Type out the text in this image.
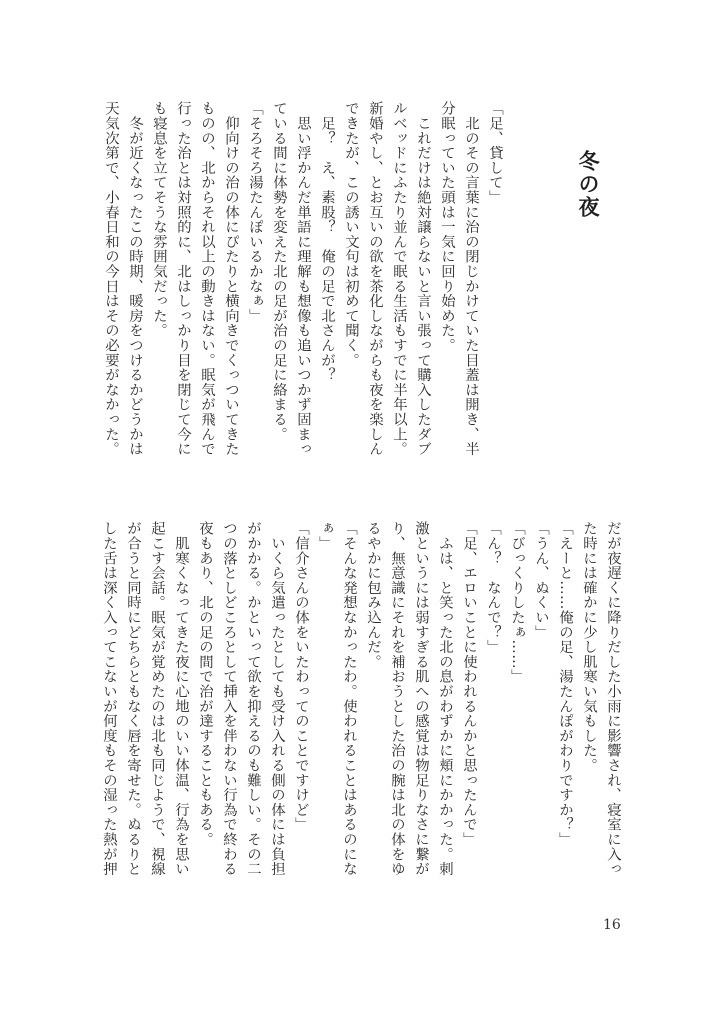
冬の夜
「足、貸して」
　北のその言葉に治の閉じかけていた目蓋は開き、半
分眠っていた頭は一気に回り始めた。
　これだけは絶対譲らないと言い張って購入したダブ
ルベッドにふたり並んで眠る生活もすでに半年以上。
新婚やし、とお互いの欲を茶化しながらも夜を楽しん
できたが、この誘い文句は初めて聞く。
　足？　え、素股？　俺の足で北さんが？
　思い浮かんだ単語に理解も想像も追いつかず固まっ
ている間に体勢を変えた北の足が治の足に絡まる。
「そろそろ湯たんぽいるかなぁ」
　仰向けの治の体にぴたりと横向きでくっついてきた
ものの、北からそれ以上の動きはない。眠気が飛んで
行った治とは対照的に、北はしっかり目を閉じて今に
も寝息を立てそうな雰囲気だった。
　冬が近くなったこの時期、暖房をつけるかどうかは
天気次第で、小春日和の今日はその必要がなかった。
だが夜遅くに降りだした小雨に影響され、寝室に入っ
た時には確かに少し肌寒い気もした。
「えーと……俺の足、湯たんぽがわりですか？」
「うん、ぬくい」
「びっくりしたぁ……」
「ん？　なんで？」
「足、エロいことに使われるんかと思ったんで」
　ふは、と笑った北の息がわずかに頬にかかった。刺
激というには弱すぎる肌への感覚は物足りなさに繋が
り、無意識にそれを補おうとした治の腕は北の体をゆ
るやかに包み込んだ。
「そんな発想なかったわ。使われることはあるのにな
ぁ」
「信介さんの体をいたわってのことですけど」
　いくら気遣ったとしても受け入れる側の体には負担
がかかる。かといって欲を抑えるのも難しい。その二
つの落としどころとして挿入を伴わない行為で終わる
夜もあり、北の足の間で治が達することもある。
　肌寒くなってきた夜に心地のいい体温、行為を思い
起こす会話。眠気が覚めたのは北も同じようで、視線
が合うと同時にどちらともなく唇を寄せた。ぬるりと
した舌は深く入ってこないが何度もその湿った熱が押
16
